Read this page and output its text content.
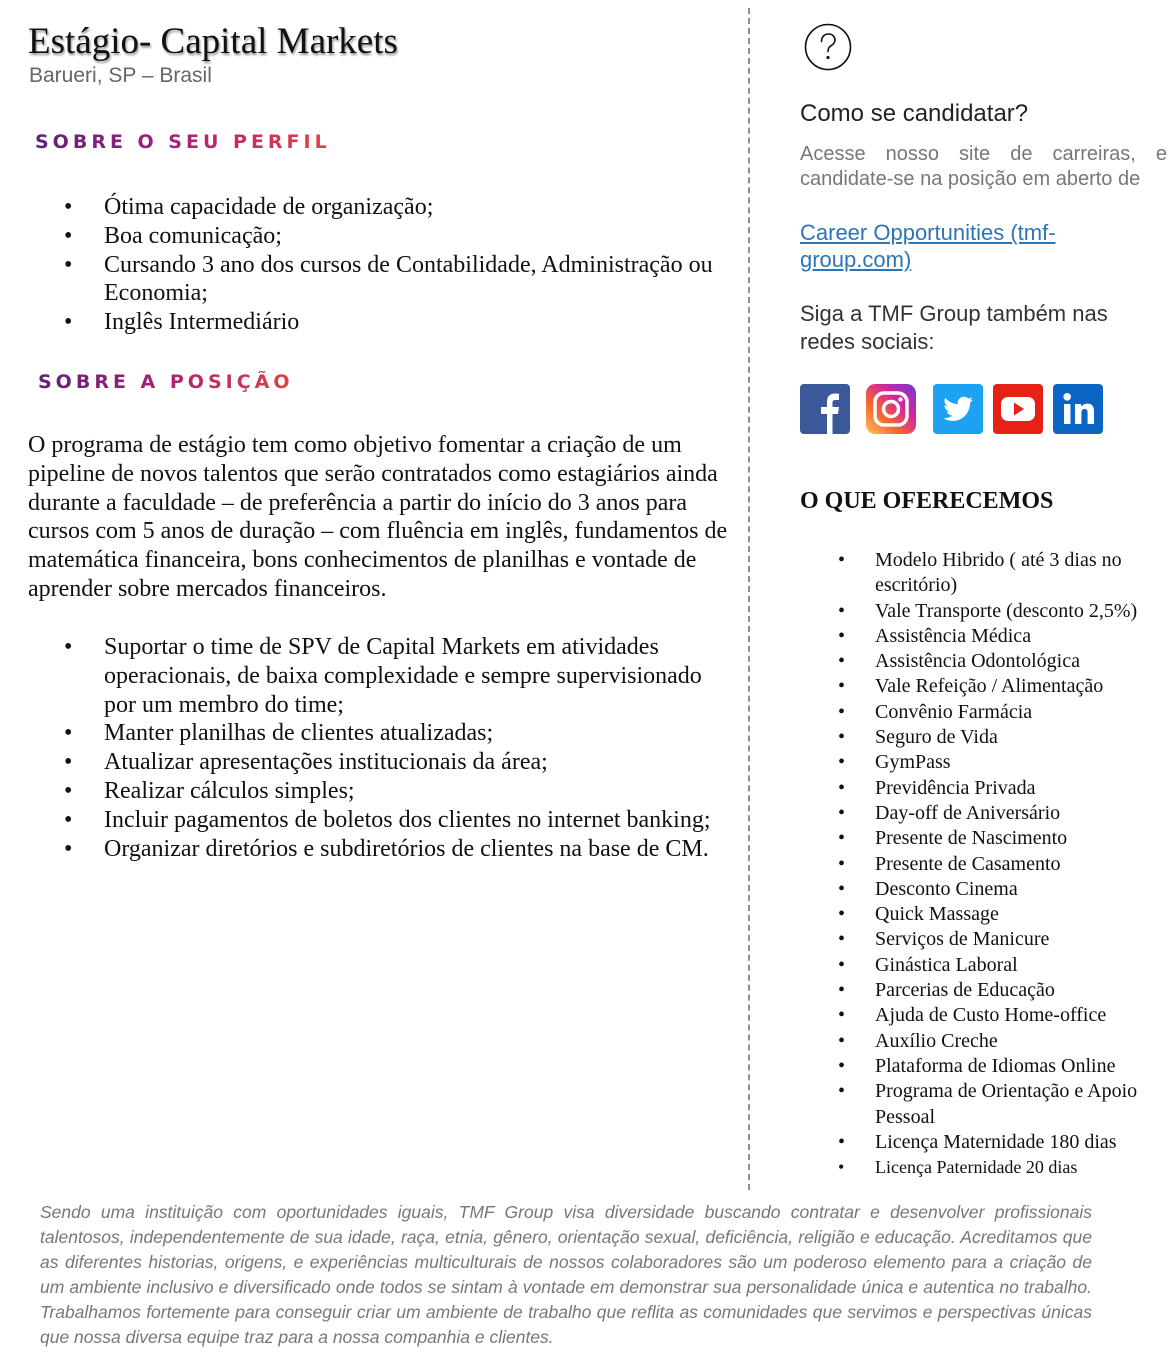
Estágio- Capital Markets
Barueri, SP – Brasil
SOBRE O SEU PERFIL
• Ótima capacidade de organização;
• Boa comunicação;
• Cursando 3 ano dos cursos de Contabilidade, Administração ou Economia;
• Inglês Intermediário
SOBRE A POSIÇÃO

O programa de estágio tem como objetivo fomentar a criação de um pipeline de novos talentos que serão contratados como estagiários ainda durante a faculdade – de preferência a partir do início do 3 anos para cursos com 5 anos de duração – com fluência em inglês, fundamentos de matemática financeira, bons conhecimentos de planilhas e vontade de aprender sobre mercados financeiros.

• Suportar o time de SPV de Capital Markets em atividades operacionais, de baixa complexidade e sempre supervisionado por um membro do time;
• Manter planilhas de clientes atualizadas;
• Atualizar apresentações institucionais da área;
• Realizar cálculos simples;
• Incluir pagamentos de boletos dos clientes no internet banking;
• Organizar diretórios e subdiretórios de clientes na base de CM.
Como se candidatar?

Acesse nosso site de carreiras, e candidate-se na posição em aberto de

Career Opportunities (tmf-group.com)

Siga a TMF Group também nas redes sociais:

O QUE OFERECEMOS
• Modelo Hibrido ( até 3 dias no escritório)
• Vale Transporte (desconto 2,5%)
• Assistência Médica
• Assistência Odontológica
• Vale Refeição / Alimentação
• Convênio Farmácia
• Seguro de Vida
• GymPass
• Previdência Privada
• Day-off de Aniversário
• Presente de Nascimento
• Presente de Casamento
• Desconto Cinema
• Quick Massage
• Serviços de Manicure
• Ginástica Laboral
• Parcerias de Educação
• Ajuda de Custo Home-office
• Auxílio Creche
• Plataforma de Idiomas Online
• Programa de Orientação e Apoio Pessoal
• Licença Maternidade 180 dias
• Licença Paternidade 20 dias

Sendo uma instituição com oportunidades iguais, TMF Group visa diversidade buscando contratar e desenvolver profissionais talentosos, independentemente de sua idade, raça, etnia, gênero, orientação sexual, deficiência, religião e educação. Acreditamos que as diferentes historias, origens, e experiências multiculturais de nossos colaboradores são um poderoso elemento para a criação de um ambiente inclusivo e diversificado onde todos se sintam à vontade em demonstrar sua personalidade única e autentica no trabalho. Trabalhamos fortemente para conseguir criar um ambiente de trabalho que reflita as comunidades que servimos e perspectivas únicas que nossa diversa equipe traz para a nossa companhia e clientes.
